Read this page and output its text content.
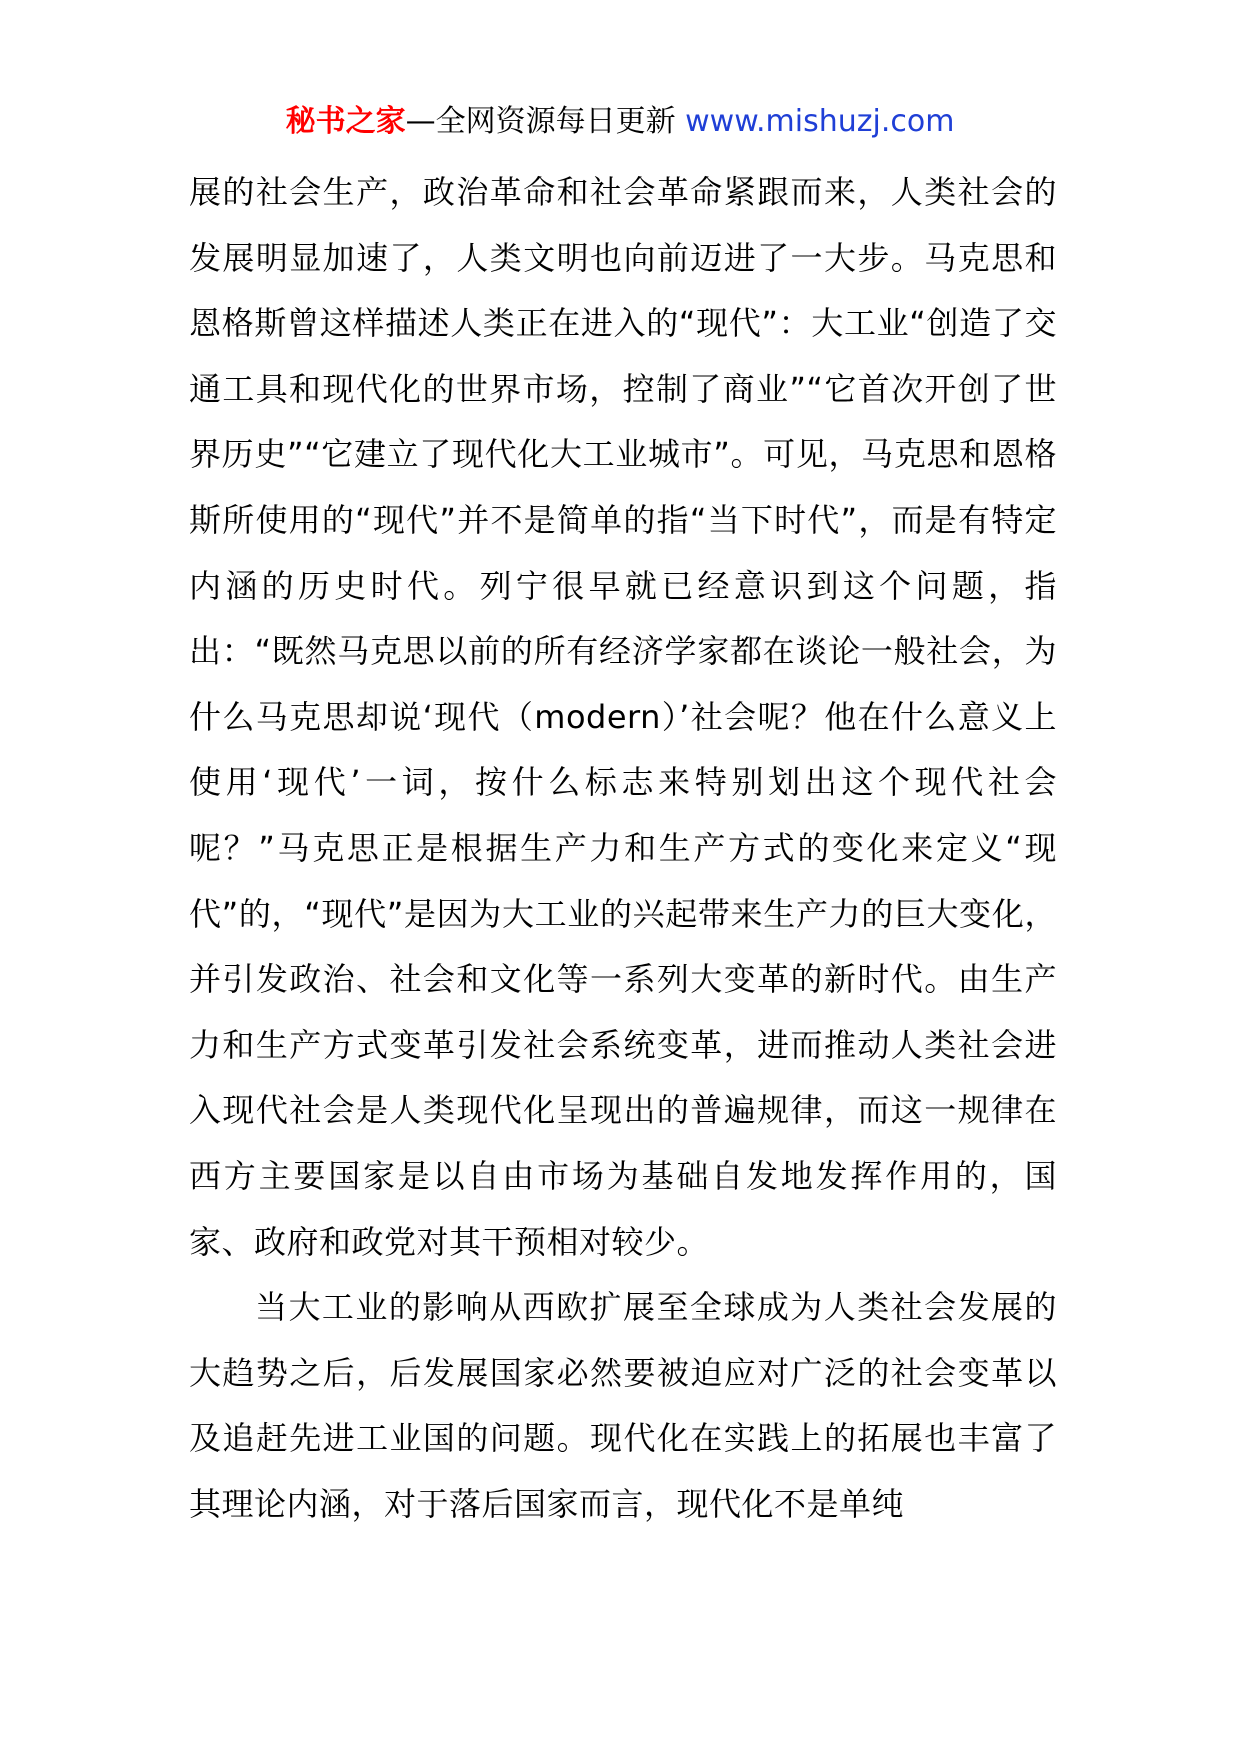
秘书之家—全网资源每日更新 www.mishuzj.com

展的社会生产，政治革命和社会革命紧跟而来，人类社会的发展明显加速了，人类文明也向前迈进了一大步。马克思和恩格斯曾这样描述人类正在进入的“现代”：大工业“创造了交通工具和现代化的世界市场，控制了商业”“它首次开创了世界历史”“它建立了现代化大工业城市”。可见，马克思和恩格斯所使用的“现代”并不是简单的指“当下时代”，而是有特定内涵的历史时代。列宁很早就已经意识到这个问题，指出：“既然马克思以前的所有经济学家都在谈论一般社会，为什么马克思却说‘现代（modern）’社会呢？他在什么意义上使用‘现代’一词，按什么标志来特别划出这个现代社会呢？”马克思正是根据生产力和生产方式的变化来定义“现代”的，“现代”是因为大工业的兴起带来生产力的巨大变化，并引发政治、社会和文化等一系列大变革的新时代。由生产力和生产方式变革引发社会系统变革，进而推动人类社会进入现代社会是人类现代化呈现出的普遍规律，而这一规律在西方主要国家是以自由市场为基础自发地发挥作用的，国家、政府和政党对其干预相对较少。

当大工业的影响从西欧扩展至全球成为人类社会发展的大趋势之后，后发展国家必然要被迫应对广泛的社会变革以及追赶先进工业国的问题。现代化在实践上的拓展也丰富了其理论内涵，对于落后国家而言，现代化不是单纯
